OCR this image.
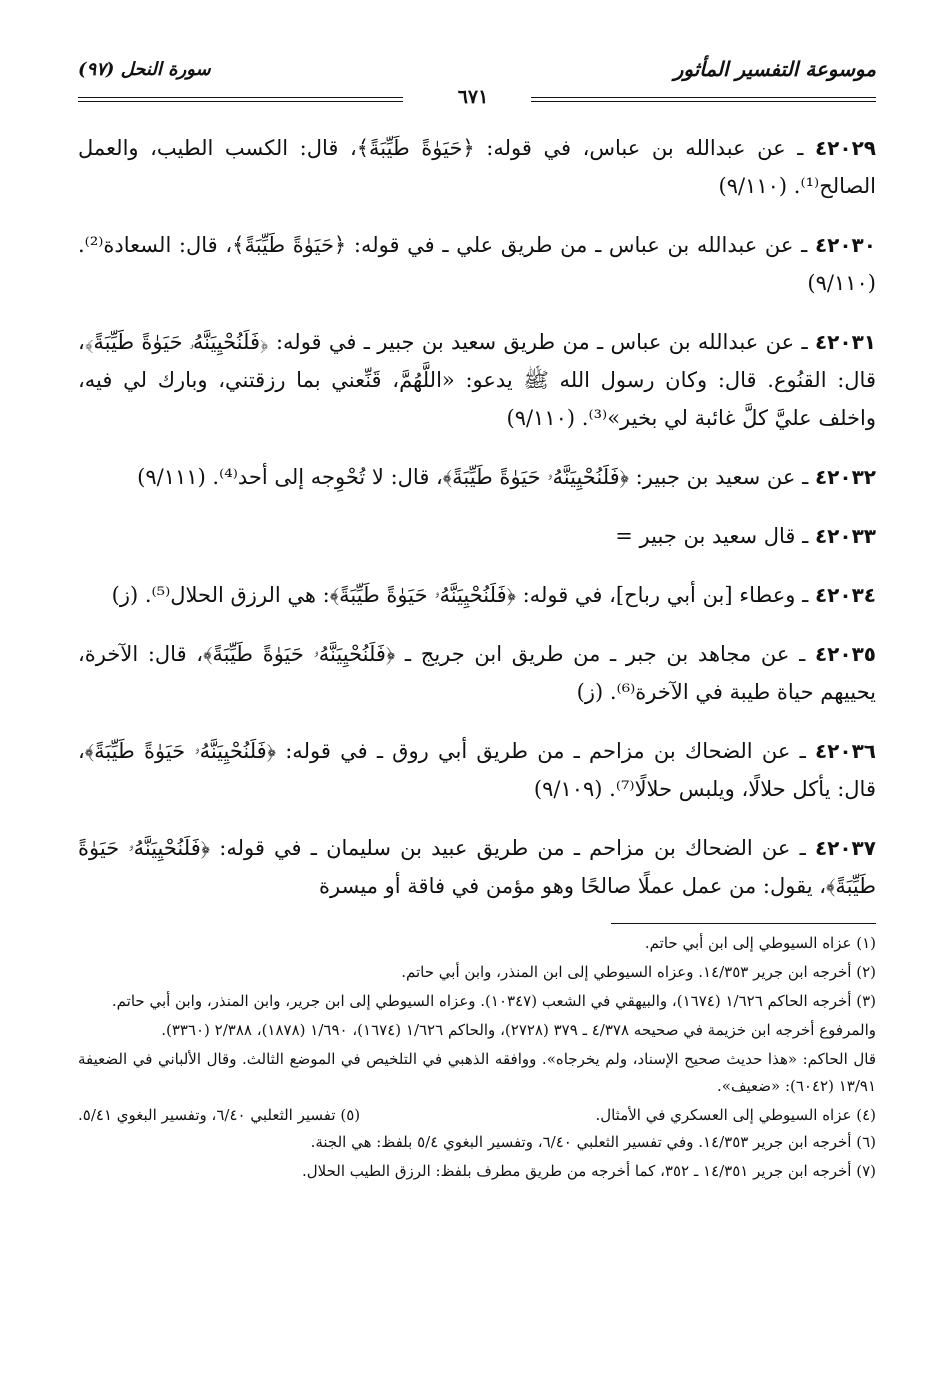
موسوعة التفسير المأثور
سورة النحل (٩٧)
٦٧١

٤٢٠٢٩ ـ عن عبدالله بن عباس، في قوله: ﴿حَيَوٰةً طَيِّبَةً﴾، قال: الكسب الطيب، والعمل الصالح⁽¹⁾. (٩/١١٠)

٤٢٠٣٠ ـ عن عبدالله بن عباس ـ من طريق علي ـ في قوله: ﴿حَيَوٰةً طَيِّبَةً﴾، قال: السعادة⁽²⁾. (٩/١١٠)

٤٢٠٣١ ـ عن عبدالله بن عباس ـ من طريق سعيد بن جبير ـ في قوله: ﴿فَلَنُحْيِيَنَّهُۥ حَيَوٰةً طَيِّبَةً﴾، قال: القنُوع. قال: وكان رسول الله ﷺ يدعو: «اللَّهُمَّ، قَنِّعني بما رزقتني، وبارك لي فيه، واخلف عليَّ كلَّ غائبة لي بخير»⁽³⁾. (٩/١١٠)

٤٢٠٣٢ ـ عن سعيد بن جبير: ﴿فَلَنُحْيِيَنَّهُۥ حَيَوٰةً طَيِّبَةً﴾، قال: لا تُحْوِجه إلى أحد⁽⁴⁾. (٩/١١١)

٤٢٠٣٣ ـ قال سعيد بن جبير =

٤٢٠٣٤ ـ وعطاء [بن أبي رباح]، في قوله: ﴿فَلَنُحْيِيَنَّهُۥ حَيَوٰةً طَيِّبَةً﴾: هي الرزق الحلال⁽⁵⁾. (ز)

٤٢٠٣٥ ـ عن مجاهد بن جبر ـ من طريق ابن جريج ـ ﴿فَلَنُحْيِيَنَّهُۥ حَيَوٰةً طَيِّبَةً﴾، قال: الآخرة، يحييهم حياة طيبة في الآخرة⁽⁶⁾. (ز)

٤٢٠٣٦ ـ عن الضحاك بن مزاحم ـ من طريق أبي روق ـ في قوله: ﴿فَلَنُحْيِيَنَّهُۥ حَيَوٰةً طَيِّبَةً﴾، قال: يأكل حلالًا، ويلبس حلالًا⁽⁷⁾. (٩/١٠٩)

٤٢٠٣٧ ـ عن الضحاك بن مزاحم ـ من طريق عبيد بن سليمان ـ في قوله: ﴿فَلَنُحْيِيَنَّهُۥ حَيَوٰةً طَيِّبَةً﴾، يقول: من عمل عملًا صالحًا وهو مؤمن في فاقة أو ميسرة

(١) عزاه السيوطي إلى ابن أبي حاتم.

(٢) أخرجه ابن جرير ١٤/٣٥٣. وعزاه السيوطي إلى ابن المنذر، وابن أبي حاتم.

(٣) أخرجه الحاكم ١/٦٢٦ (١٦٧٤)، والبيهقي في الشعب (١٠٣٤٧). وعزاه السيوطي إلى ابن جرير، وابن المنذر، وابن أبي حاتم.

والمرفوع أخرجه ابن خزيمة في صحيحه ٤/٣٧٨ ـ ٣٧٩ (٢٧٢٨)، والحاكم ١/٦٢٦ (١٦٧٤)، ١/٦٩٠ (١٨٧٨)، ٢/٣٨٨ (٣٣٦٠).

قال الحاكم: «هذا حديث صحيح الإسناد، ولم يخرجاه». ووافقه الذهبي في التلخيص في الموضع الثالث. وقال الألباني في الضعيفة ١٣/٩١ (٦٠٤٢): «ضعيف».

(٤) عزاه السيوطي إلى العسكري في الأمثال.
(٥) تفسير الثعلبي ٦/٤٠، وتفسير البغوي ٥/٤١.

(٦) أخرجه ابن جرير ١٤/٣٥٣. وفي تفسير الثعلبي ٦/٤٠، وتفسير البغوي ٥/٤ بلفظ: هي الجنة.

(٧) أخرجه ابن جرير ١٤/٣٥١ ـ ٣٥٢، كما أخرجه من طريق مطرف بلفظ: الرزق الطيب الحلال.
